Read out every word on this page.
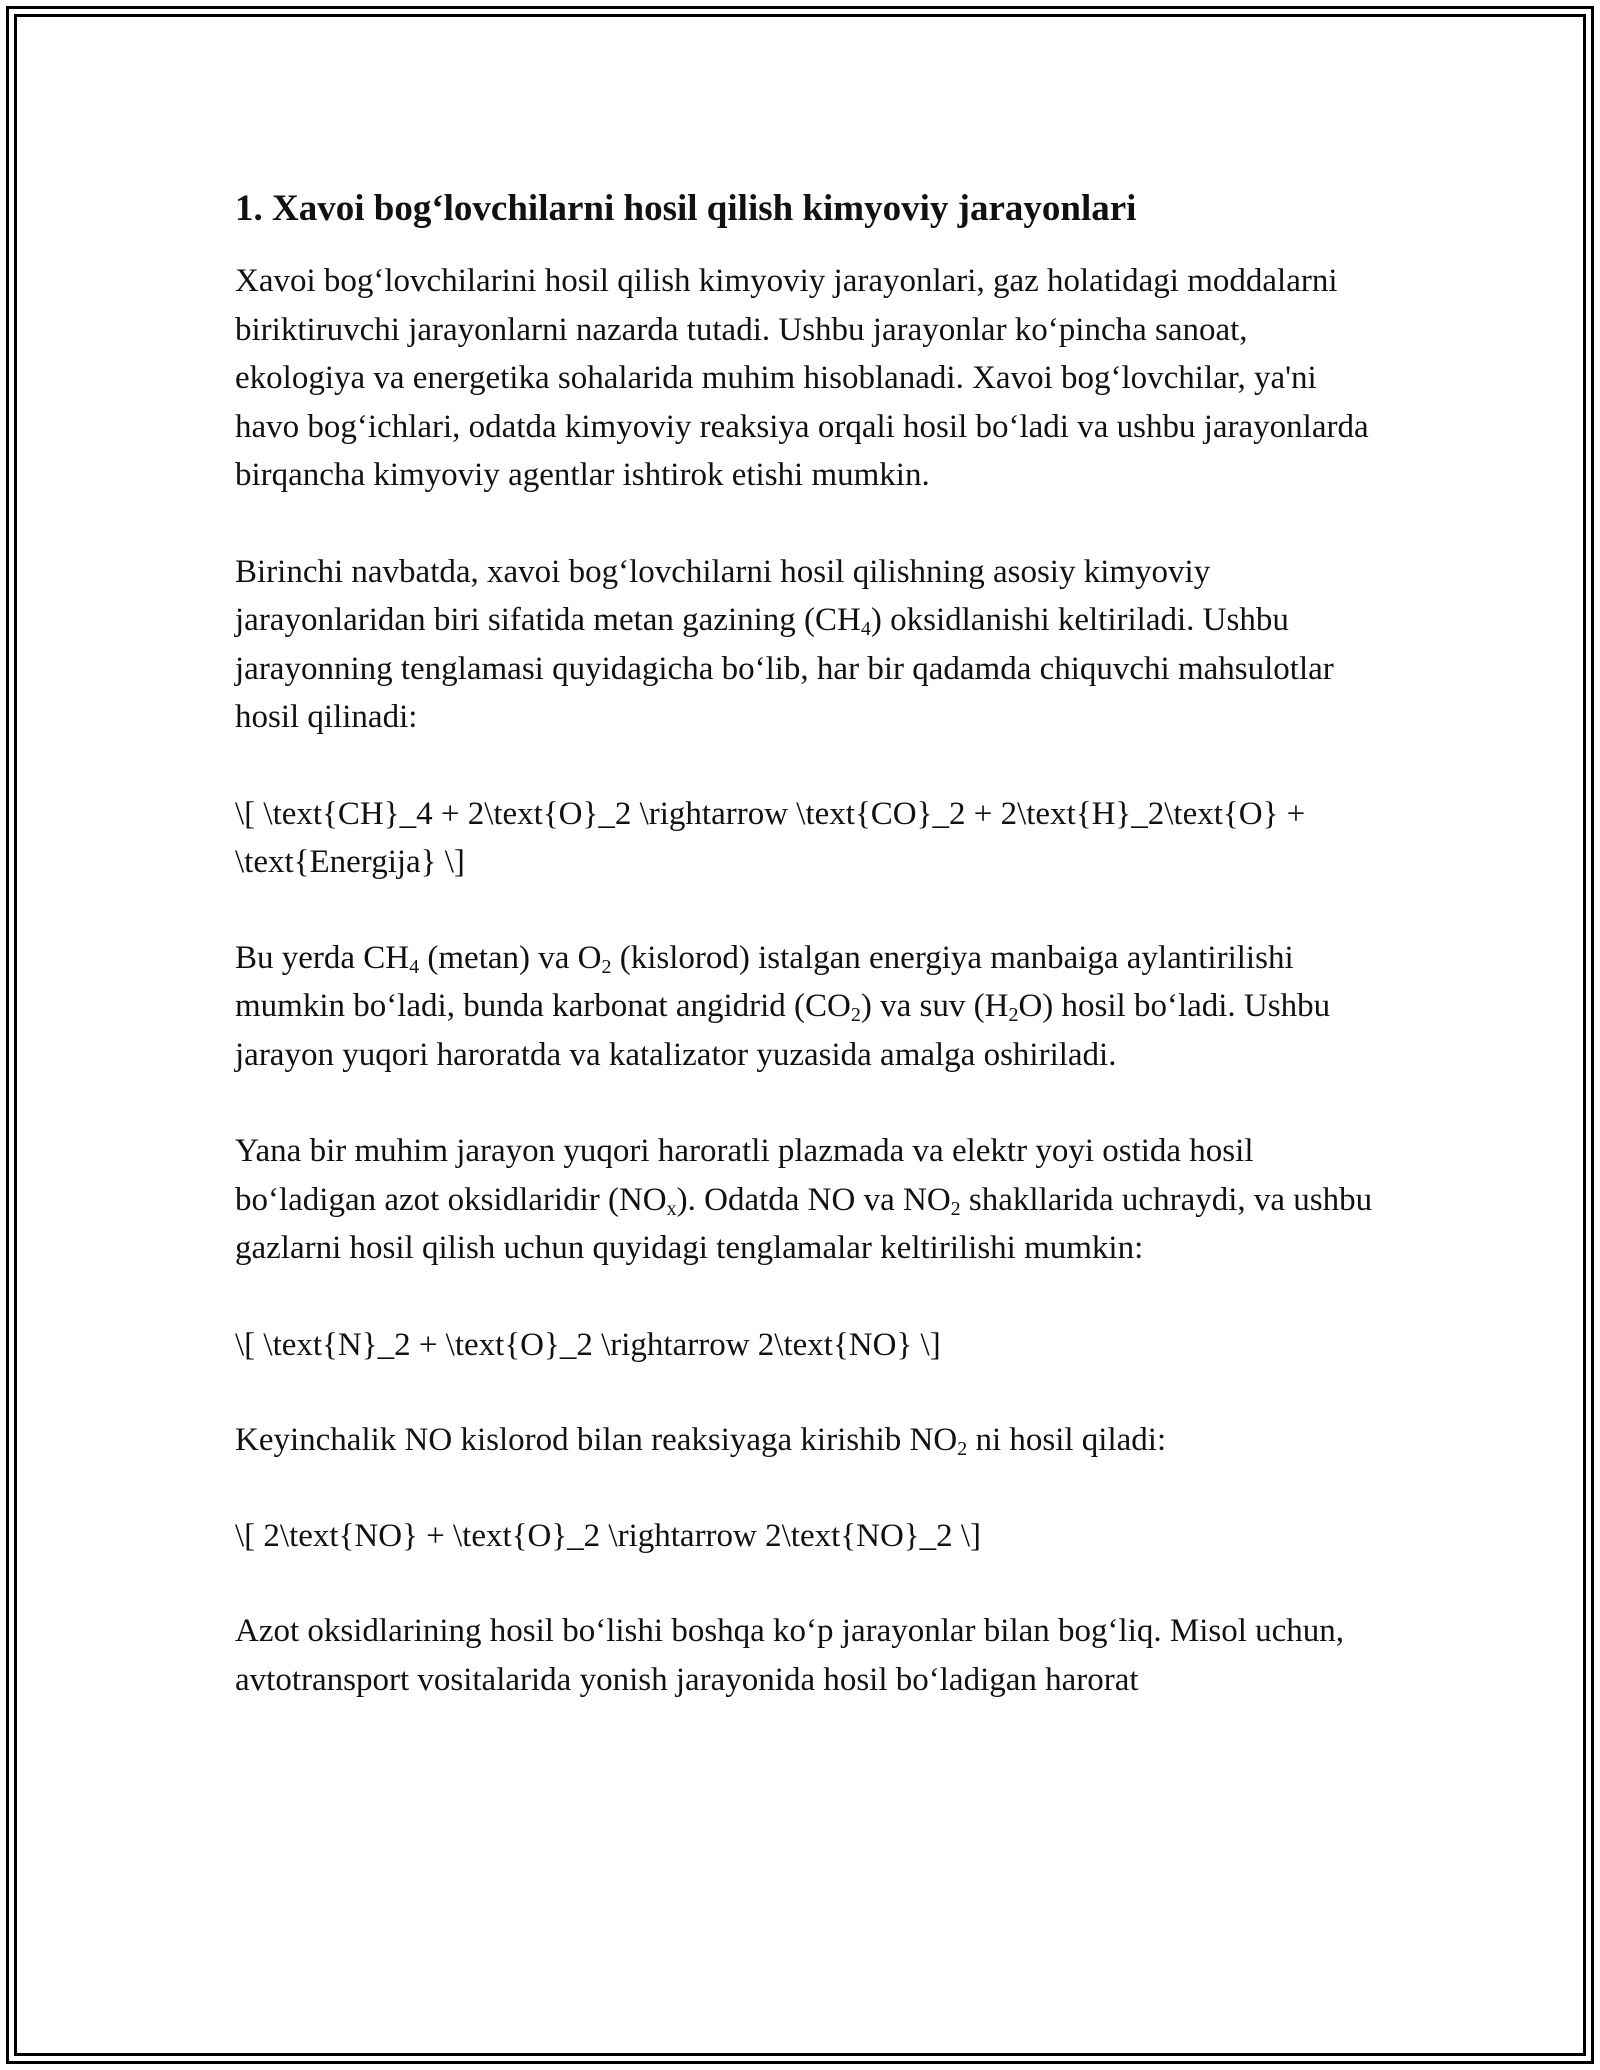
1. Xavoi bog‘lovchilarni hosil qilish kimyoviy jarayonlari

Xavoi bog‘lovchilarini hosil qilish kimyoviy jarayonlari, gaz holatidagi moddalarni biriktiruvchi jarayonlarni nazarda tutadi. Ushbu jarayonlar ko‘pincha sanoat, ekologiya va energetika sohalarida muhim hisoblanadi. Xavoi bog‘lovchilar, ya'ni havo bog‘ichlari, odatda kimyoviy reaksiya orqali hosil bo‘ladi va ushbu jarayonlarda birqancha kimyoviy agentlar ishtirok etishi mumkin.

Birinchi navbatda, xavoi bog‘lovchilarni hosil qilishning asosiy kimyoviy jarayonlaridan biri sifatida metan gazining $(CH_4)$ oksidlanishi keltiriladi. Ushbu jarayonning tenglamasi quyidagicha bo‘lib, har bir qadamda chiquvchi mahsulotlar hosil qilinadi:

\[ \text{CH}_4 + 2\text{O}_2 \rightarrow \text{CO}_2 + 2\text{H}_2\text{O} + \text{Energija} \]

Bu yerda $CH_4$ (metan) va $O_2$ (kislorod) istalgan energiya manbaiga aylantirilishi mumkin bo‘ladi, bunda karbonat angidrid $(CO_2)$ va suv $(H_2O)$ hosil bo‘ladi. Ushbu jarayon yuqori haroratda va katalizator yuzasida amalga oshiriladi.

Yana bir muhim jarayon yuqori haroratli plazmada va elektr yoyi ostida hosil bo‘ladigan azot oksidlaridir $(NO_x)$. Odatda NO va $NO_2$ shakllarida uchraydi, va ushbu gazlarni hosil qilish uchun quyidagi tenglamalar keltirilishi mumkin:

\[ \text{N}_2 + \text{O}_2 \rightarrow 2\text{NO} \]

Keyinchalik NO kislorod bilan reaksiyaga kirishib $NO_2$ ni hosil qiladi:

\[ 2\text{NO} + \text{O}_2 \rightarrow 2\text{NO}_2 \]

Azot oksidlarining hosil bo‘lishi boshqa ko‘p jarayonlar bilan bog‘liq. Misol uchun, avtotransport vositalarida yonish jarayonida hosil bo‘ladigan harorat
